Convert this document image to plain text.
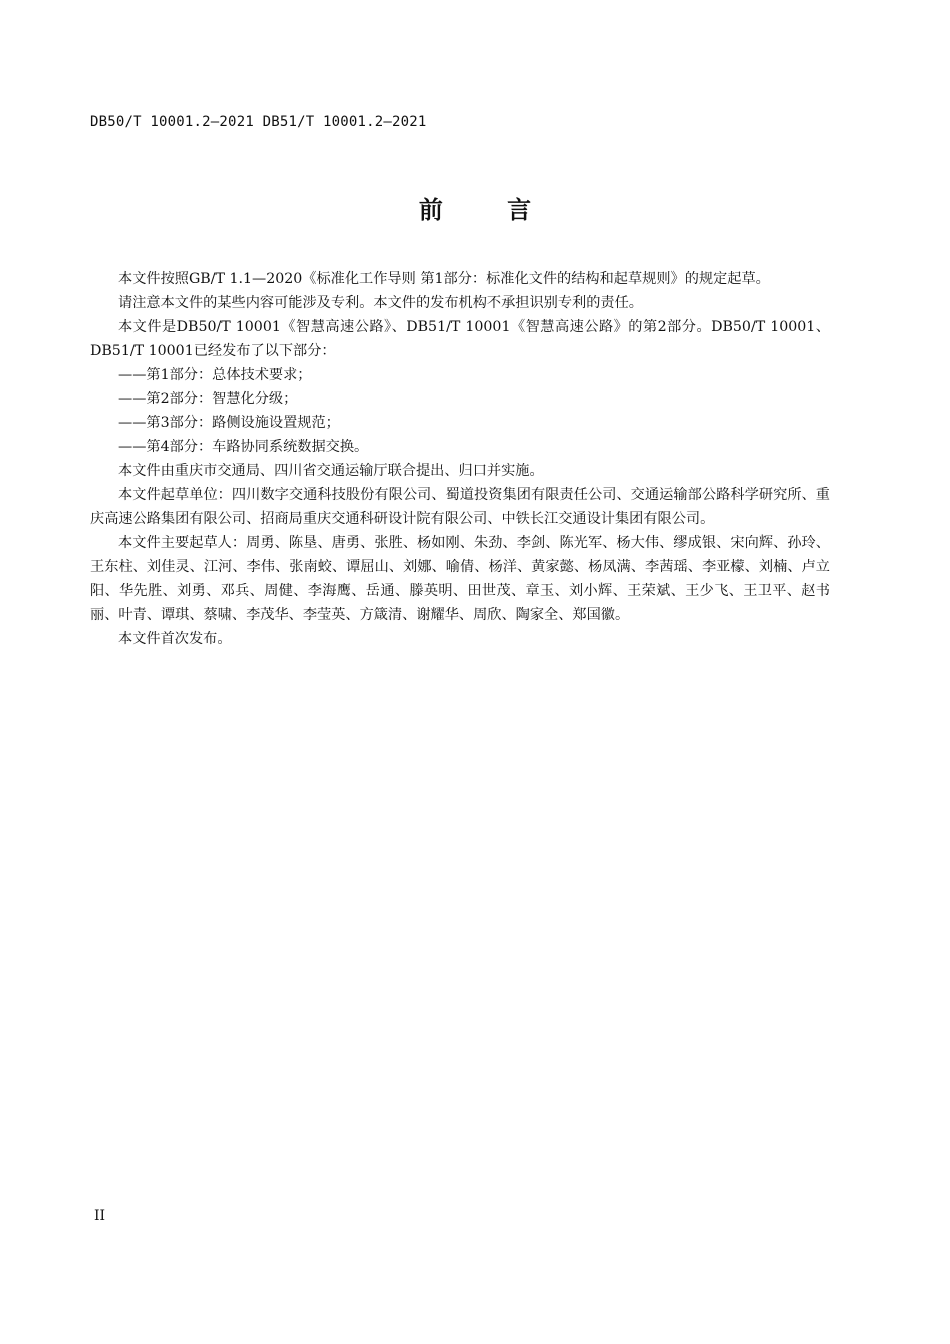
DB50/T 10001.2—2021 DB51/T 10001.2—2021
前 言

本文件按照GB/T 1.1—2020《标准化工作导则 第1部分：标准化文件的结构和起草规则》的规定起草。

请注意本文件的某些内容可能涉及专利。本文件的发布机构不承担识别专利的责任。

本文件是DB50/T 10001《智慧高速公路》、DB51/T 10001《智慧高速公路》的第2部分。DB50/T 10001、DB51/T 10001已经发布了以下部分：

——第1部分：总体技术要求；

——第2部分：智慧化分级；

——第3部分：路侧设施设置规范；

——第4部分：车路协同系统数据交换。

本文件由重庆市交通局、四川省交通运输厅联合提出、归口并实施。

本文件起草单位：四川数字交通科技股份有限公司、蜀道投资集团有限责任公司、交通运输部公路科学研究所、重庆高速公路集团有限公司、招商局重庆交通科研设计院有限公司、中铁长江交通设计集团有限公司。

本文件主要起草人：周勇、陈垦、唐勇、张胜、杨如刚、朱劲、李剑、陈光军、杨大伟、缪成银、宋向辉、孙玲、王东柱、刘佳灵、江河、李伟、张南蛟、谭屈山、刘娜、喻倩、杨洋、黄家懿、杨凤满、李茜瑶、李亚檬、刘楠、卢立阳、华先胜、刘勇、邓兵、周健、李海鹰、岳通、滕英明、田世茂、章玉、刘小辉、王荣斌、王少飞、王卫平、赵书丽、叶青、谭琪、蔡啸、李茂华、李莹英、方箴清、谢耀华、周欣、陶家全、郑国徽。

本文件首次发布。

II
